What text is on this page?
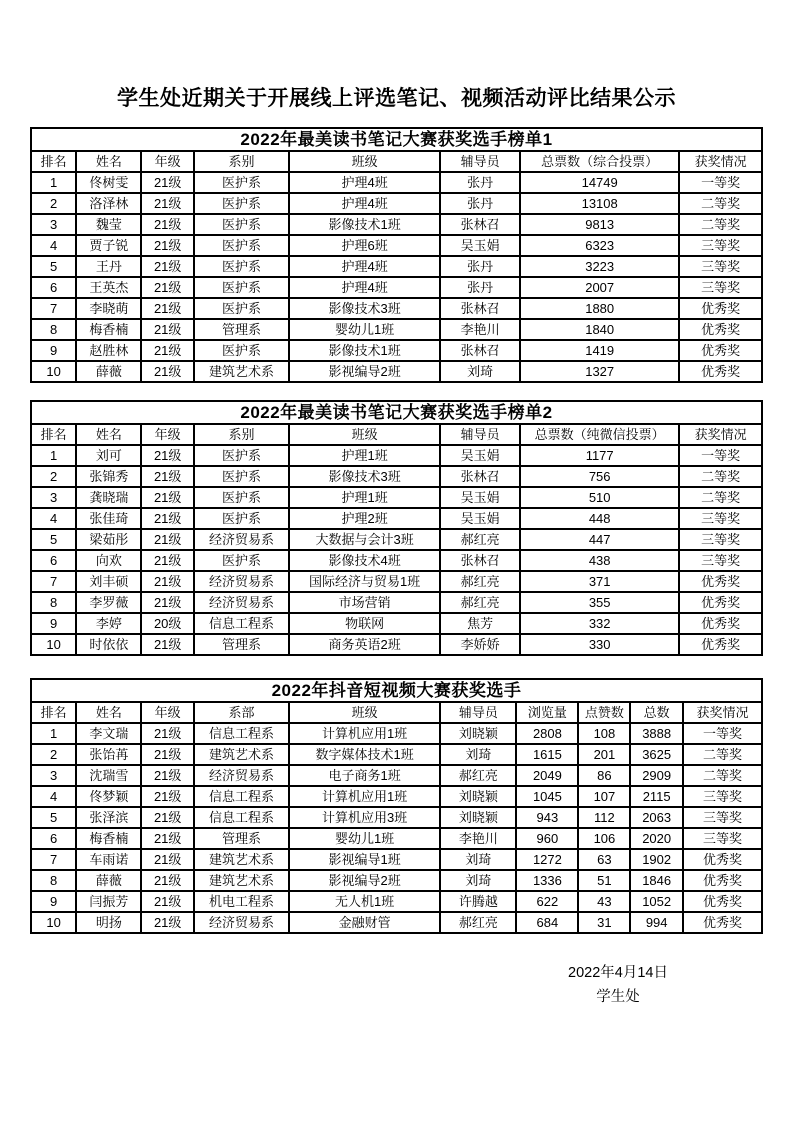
学生处近期关于开展线上评选笔记、视频活动评比结果公示
2022年最美读书笔记大赛获奖选手榜单1							
排名	姓名	年级	系别	班级	辅导员	总票数（综合投票）	获奖情况
1	佟树雯	21级	医护系	护理4班	张丹	14749	一等奖
2	洛泽林	21级	医护系	护理4班	张丹	13108	二等奖
3	魏莹	21级	医护系	影像技术1班	张林召	9813	二等奖
4	贾子锐	21级	医护系	护理6班	吴玉娟	6323	三等奖
5	王丹	21级	医护系	护理4班	张丹	3223	三等奖
6	王英杰	21级	医护系	护理4班	张丹	2007	三等奖
7	李晓萌	21级	医护系	影像技术3班	张林召	1880	优秀奖
8	梅香楠	21级	管理系	婴幼儿1班	李艳川	1840	优秀奖
9	赵胜林	21级	医护系	影像技术1班	张林召	1419	优秀奖
10	薛薇	21级	建筑艺术系	影视编导2班	刘琦	1327	优秀奖
2022年最美读书笔记大赛获奖选手榜单2							
排名	姓名	年级	系别	班级	辅导员	总票数（纯微信投票）	获奖情况
1	刘可	21级	医护系	护理1班	吴玉娟	1177	一等奖
2	张锦秀	21级	医护系	影像技术3班	张林召	756	二等奖
3	龚晓瑞	21级	医护系	护理1班	吴玉娟	510	二等奖
4	张佳琦	21级	医护系	护理2班	吴玉娟	448	三等奖
5	梁茹彤	21级	经济贸易系	大数据与会计3班	郝红亮	447	三等奖
6	向欢	21级	医护系	影像技术4班	张林召	438	三等奖
7	刘丰硕	21级	经济贸易系	国际经济与贸易1班	郝红亮	371	优秀奖
8	李罗薇	21级	经济贸易系	市场营销	郝红亮	355	优秀奖
9	李婷	20级	信息工程系	物联网	焦芳	332	优秀奖
10	时依依	21级	管理系	商务英语2班	李娇娇	330	优秀奖
2022年抖音短视频大赛获奖选手									
排名	姓名	年级	系部	班级	辅导员	浏览量	点赞数	总数	获奖情况
1	李文瑞	21级	信息工程系	计算机应用1班	刘晓颖	2808	108	3888	一等奖
2	张饴苒	21级	建筑艺术系	数字媒体技术1班	刘琦	1615	201	3625	二等奖
3	沈瑞雪	21级	经济贸易系	电子商务1班	郝红亮	2049	86	2909	二等奖
4	佟梦颖	21级	信息工程系	计算机应用1班	刘晓颖	1045	107	2115	三等奖
5	张泽滨	21级	信息工程系	计算机应用3班	刘晓颖	943	112	2063	三等奖
6	梅香楠	21级	管理系	婴幼儿1班	李艳川	960	106	2020	三等奖
7	车雨诺	21级	建筑艺术系	影视编导1班	刘琦	1272	63	1902	优秀奖
8	薛薇	21级	建筑艺术系	影视编导2班	刘琦	1336	51	1846	优秀奖
9	闫振芳	21级	机电工程系	无人机1班	许腾越	622	43	1052	优秀奖
10	明扬	21级	经济贸易系	金融财管	郝红亮	684	31	994	优秀奖
2022年4月14日
学生处
